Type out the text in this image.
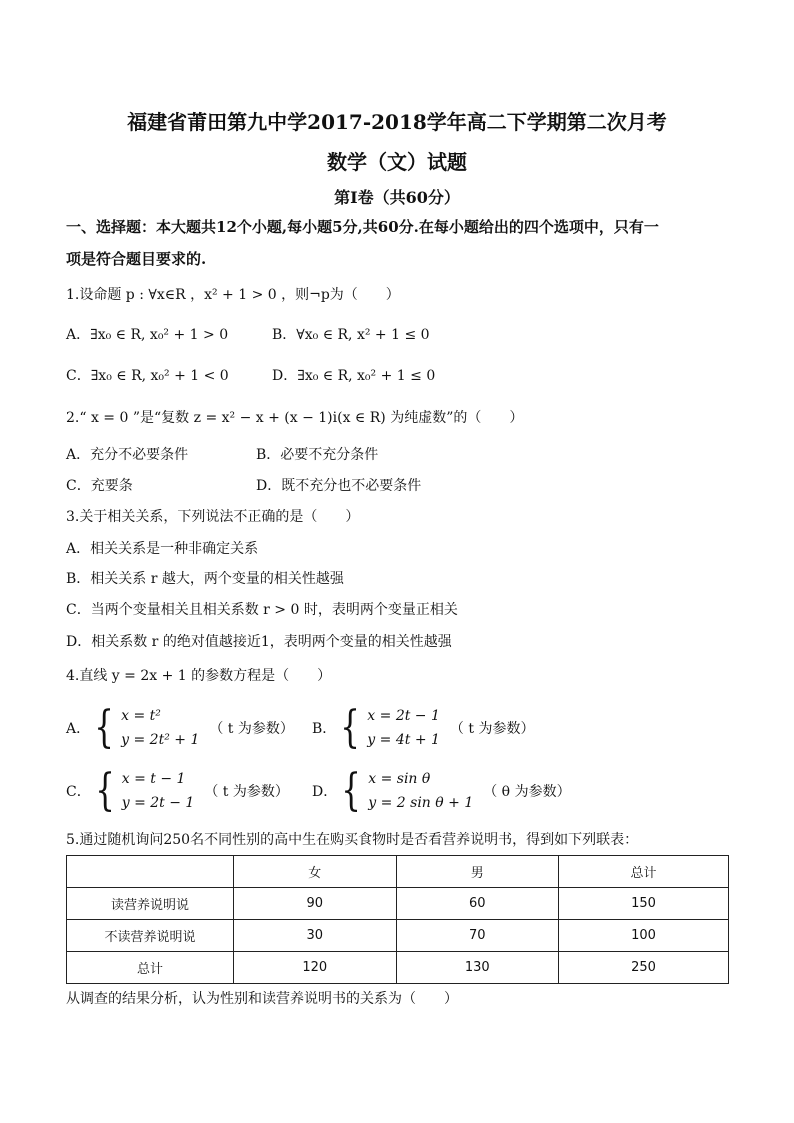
福建省莆田第九中学2017-2018学年高二下学期第二次月考
数学（文）试题
第Ⅰ卷（共60分）
一、选择题：本大题共12个小题,每小题5分,共60分.在每小题给出的四个选项中，只有一
项是符合题目要求的.
1.设命题 p : ∀x∈R ，x² + 1 > 0 ，则¬p为（　　）
A．∃x₀ ∈ R, x₀² + 1 > 0	B．∀x₀ ∈ R, x² + 1 ≤ 0
C．∃x₀ ∈ R, x₀² + 1 < 0	D．∃x₀ ∈ R, x₀² + 1 ≤ 0
2.“ x = 0 ”是“复数 z = x² − x + (x − 1)i(x ∈ R) 为纯虚数”的（　　）
A．充分不必要条件	B．必要不充分条件
C．充要条	D．既不充分也不必要条件
3.关于相关关系，下列说法不正确的是（　　）
A．相关关系是一种非确定关系
B．相关关系 r 越大，两个变量的相关性越强
C．当两个变量相关且相关系数 r > 0 时，表明两个变量正相关
D．相关系数 r 的绝对值越接近1，表明两个变量的相关性越强
4.直线 y = 2x + 1 的参数方程是（　　）
A． { x = t²
y = 2t² + 1
（ t 为参数） B． { x = 2t − 1
y = 4t + 1
（ t 为参数）
C． { x = t − 1
y = 2t − 1
（ t 为参数） D． { x = sin θ
y = 2 sin θ + 1
（ θ 为参数）
5.通过随机询问250名不同性别的高中生在购买食物时是否看营养说明书，得到如下列联表：
	女	男	总计
读营养说明说	90	60	150
不读营养说明说	30	70	100
总计	120	130	250
从调查的结果分析，认为性别和读营养说明书的关系为（　　）
